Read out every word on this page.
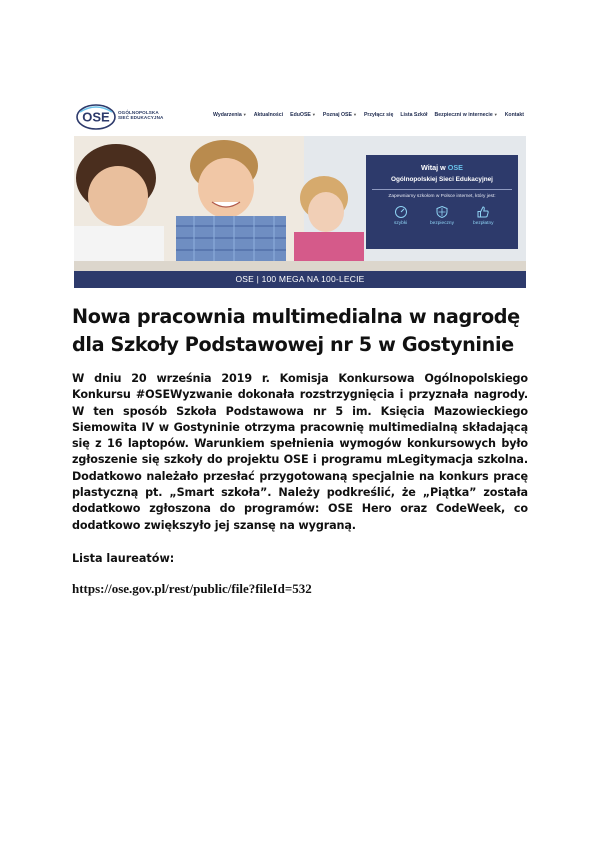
OSE OGÓLNOPOLSKA
SIEĆ EDUKACYJNA	Wydarzenia▼ Aktualności EduOSE▼ Poznaj OSE▼ Przyłącz się Lista Szkół Bezpieczni w internecie▼ Kontakt
Witaj w OSE
Ogólnopolskiej Sieci Edukacyjnej
Zapewniamy szkołom w Polsce internet, który jest:
szybki	bezpieczny	bezpłatny
OSE | 100 MEGA NA 100-LECIE
Nowa pracownia multimedialna w nagrodę
dla Szkoły Podstawowej nr 5 w Gostyninie

W dniu 20 września 2019 r. Komisja Konkursowa Ogólnopolskiego Konkursu #OSEWyzwanie dokonała rozstrzygnięcia i przyznała nagrody. W ten sposób Szkoła Podstawowa nr 5 im. Księcia Mazowieckiego Siemowita IV w Gostyninie otrzyma pracownię multimedialną składającą się z 16 laptopów. Warunkiem spełnienia wymogów konkursowych było zgłoszenie się szkoły do projektu OSE i programu mLegitymacja szkolna. Dodatkowo należało przesłać przygotowaną specjalnie na konkurs pracę plastyczną pt. „Smart szkoła”. Należy podkreślić, że „Piątka” została dodatkowo zgłoszona do programów: OSE Hero oraz CodeWeek, co dodatkowo zwiększyło jej szansę na wygraną.

Lista laureatów:

https://ose.gov.pl/rest/public/file?fileId=532
